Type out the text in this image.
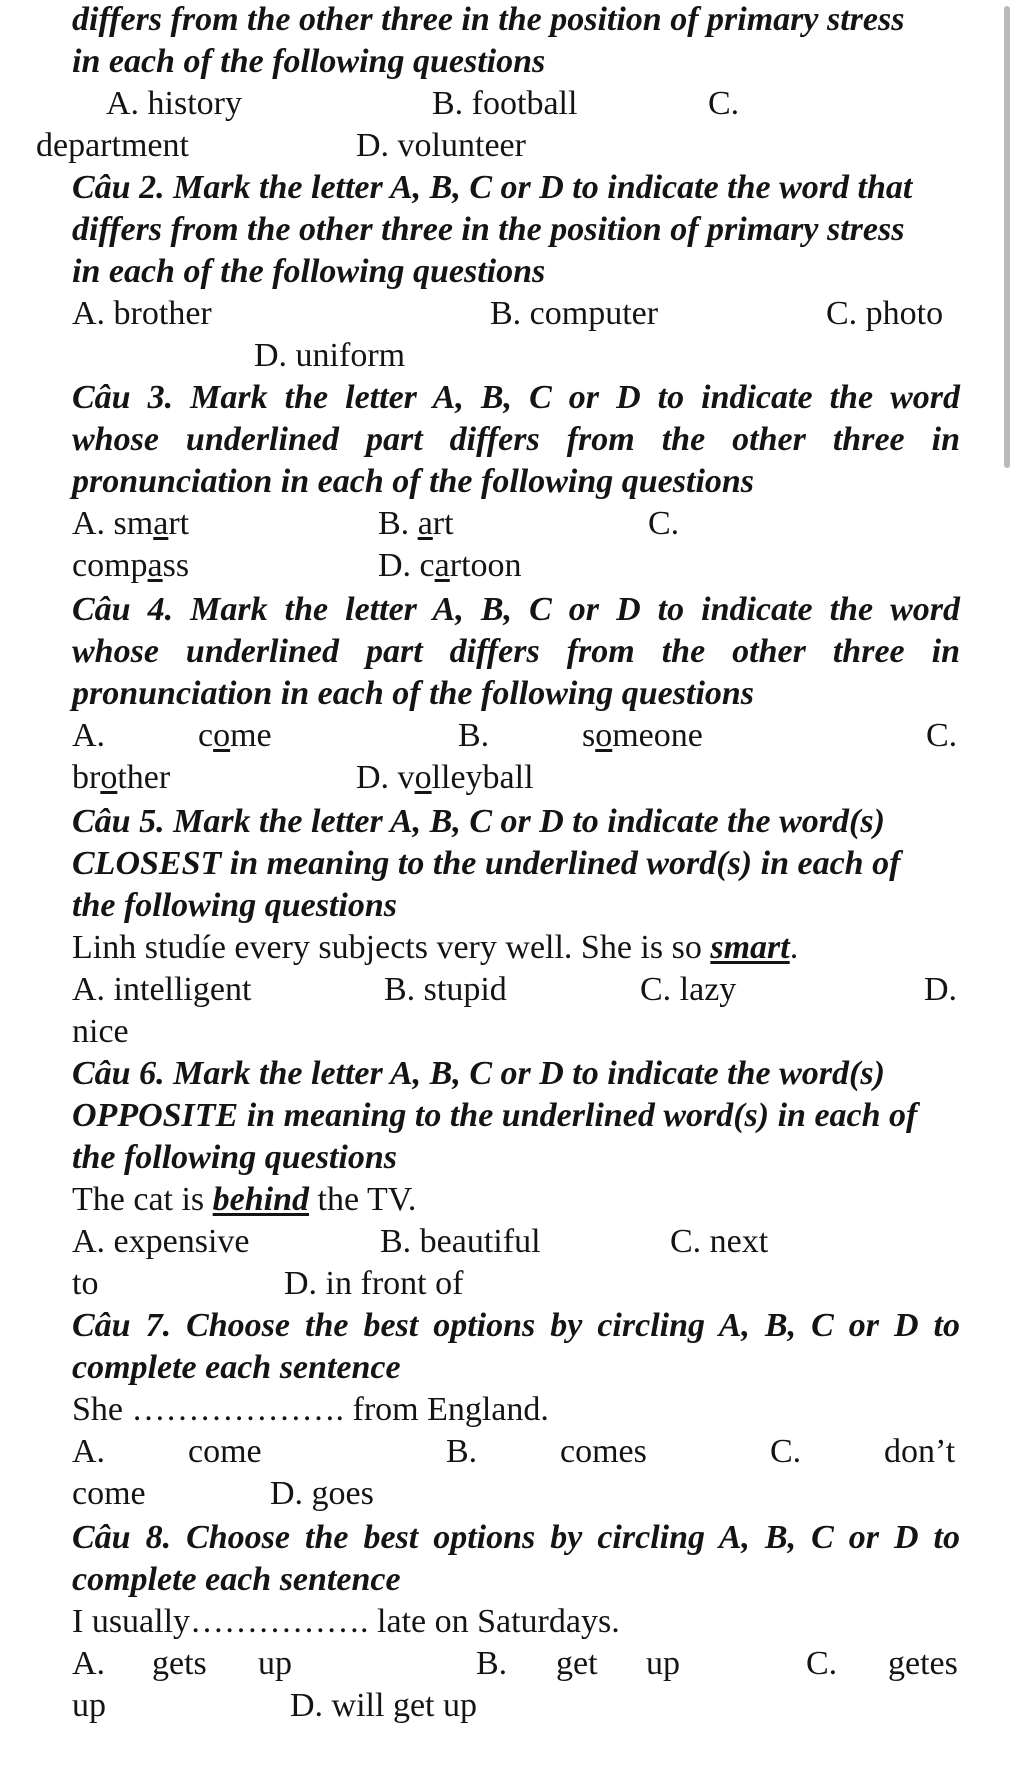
differs from the other three in the position of primary stress
in each of the following questions
A. history	B. football	C.
department	D. volunteer
Câu 2. Mark the letter A, B, C or D to indicate the word that
differs from the other three in the position of primary stress
in each of the following questions
A. brother	B. computer	C. photo
D. uniform
Câu 3. Mark the letter A, B, C or D to indicate the word
whose underlined part differs from the other three in
pronunciation in each of the following questions
A. smart	B. art	C.
compass	D. cartoon
Câu 4. Mark the letter A, B, C or D to indicate the word
whose underlined part differs from the other three in
pronunciation in each of the following questions
A.	come	B.	someone	C.
brother	D. volleyball
Câu 5. Mark the letter A, B, C or D to indicate the word(s)
CLOSEST in meaning to the underlined word(s) in each of
the following questions
Linh studíe every subjects very well. She is so smart.
A. intelligent	B. stupid	C. lazy	D.
nice
Câu 6. Mark the letter A, B, C or D to indicate the word(s)
OPPOSITE in meaning to the underlined word(s) in each of
the following questions
The cat is behind the TV.
A. expensive	B. beautiful	C. next
to	D. in front of
Câu 7. Choose the best options by circling A, B, C or D to
complete each sentence
She ………………. from England.
A. come	B. comes	C. don’t
come	D. goes
Câu 8. Choose the best options by circling A, B, C or D to
complete each sentence
I usually……………. late on Saturdays.
A. gets up	B. get up	C. getes
up	D. will get up
